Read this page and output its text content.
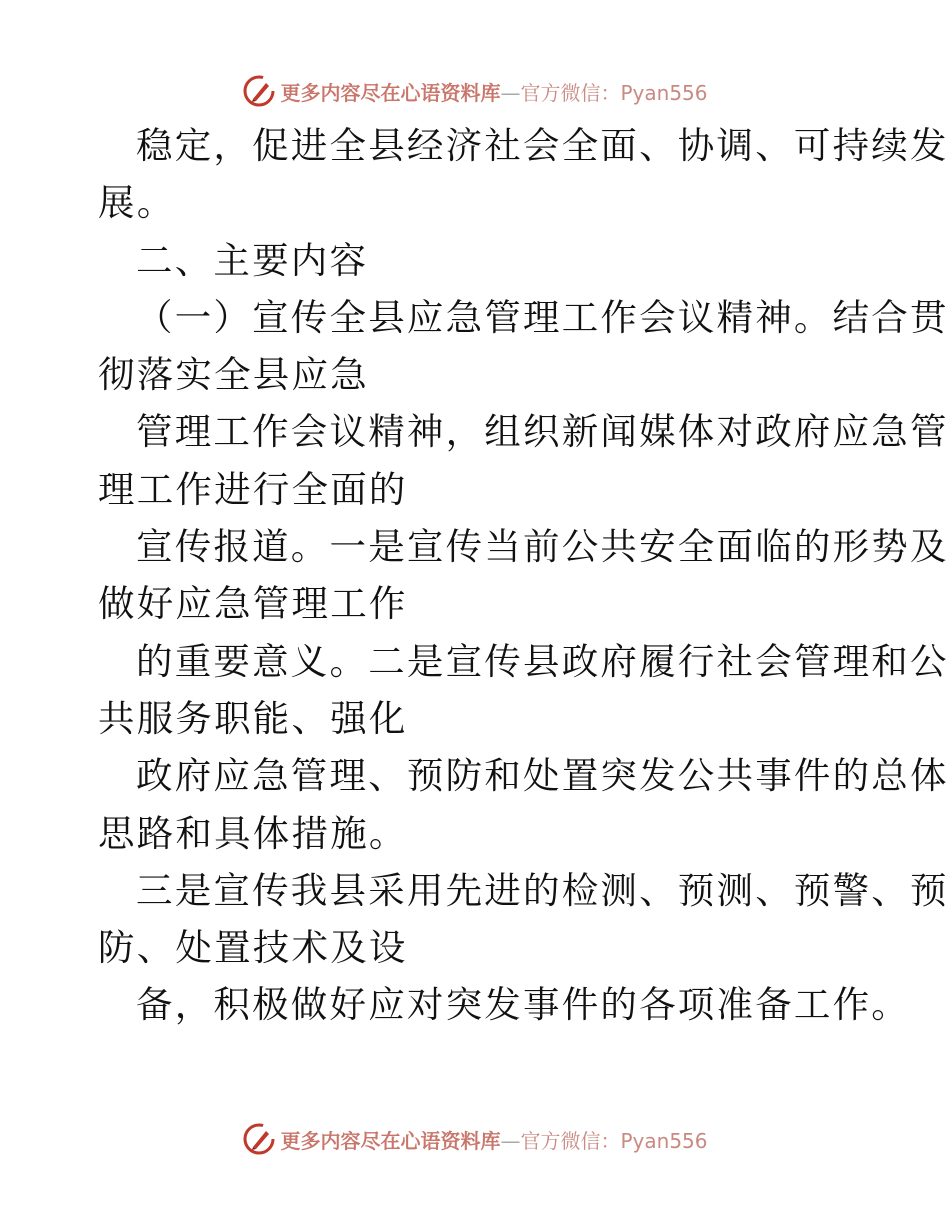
更多内容尽在心语资料库—官方微信：Pyan556
稳定，促进全县经济社会全面、协调、可持续发
展。
二、主要内容
（一）宣传全县应急管理工作会议精神。结合贯
彻落实全县应急
管理工作会议精神，组织新闻媒体对政府应急管
理工作进行全面的
宣传报道。一是宣传当前公共安全面临的形势及
做好应急管理工作
的重要意义。二是宣传县政府履行社会管理和公
共服务职能、强化
政府应急管理、预防和处置突发公共事件的总体
思路和具体措施。
三是宣传我县采用先进的检测、预测、预警、预
防、处置技术及设
备，积极做好应对突发事件的各项准备工作。
更多内容尽在心语资料库—官方微信：Pyan556
